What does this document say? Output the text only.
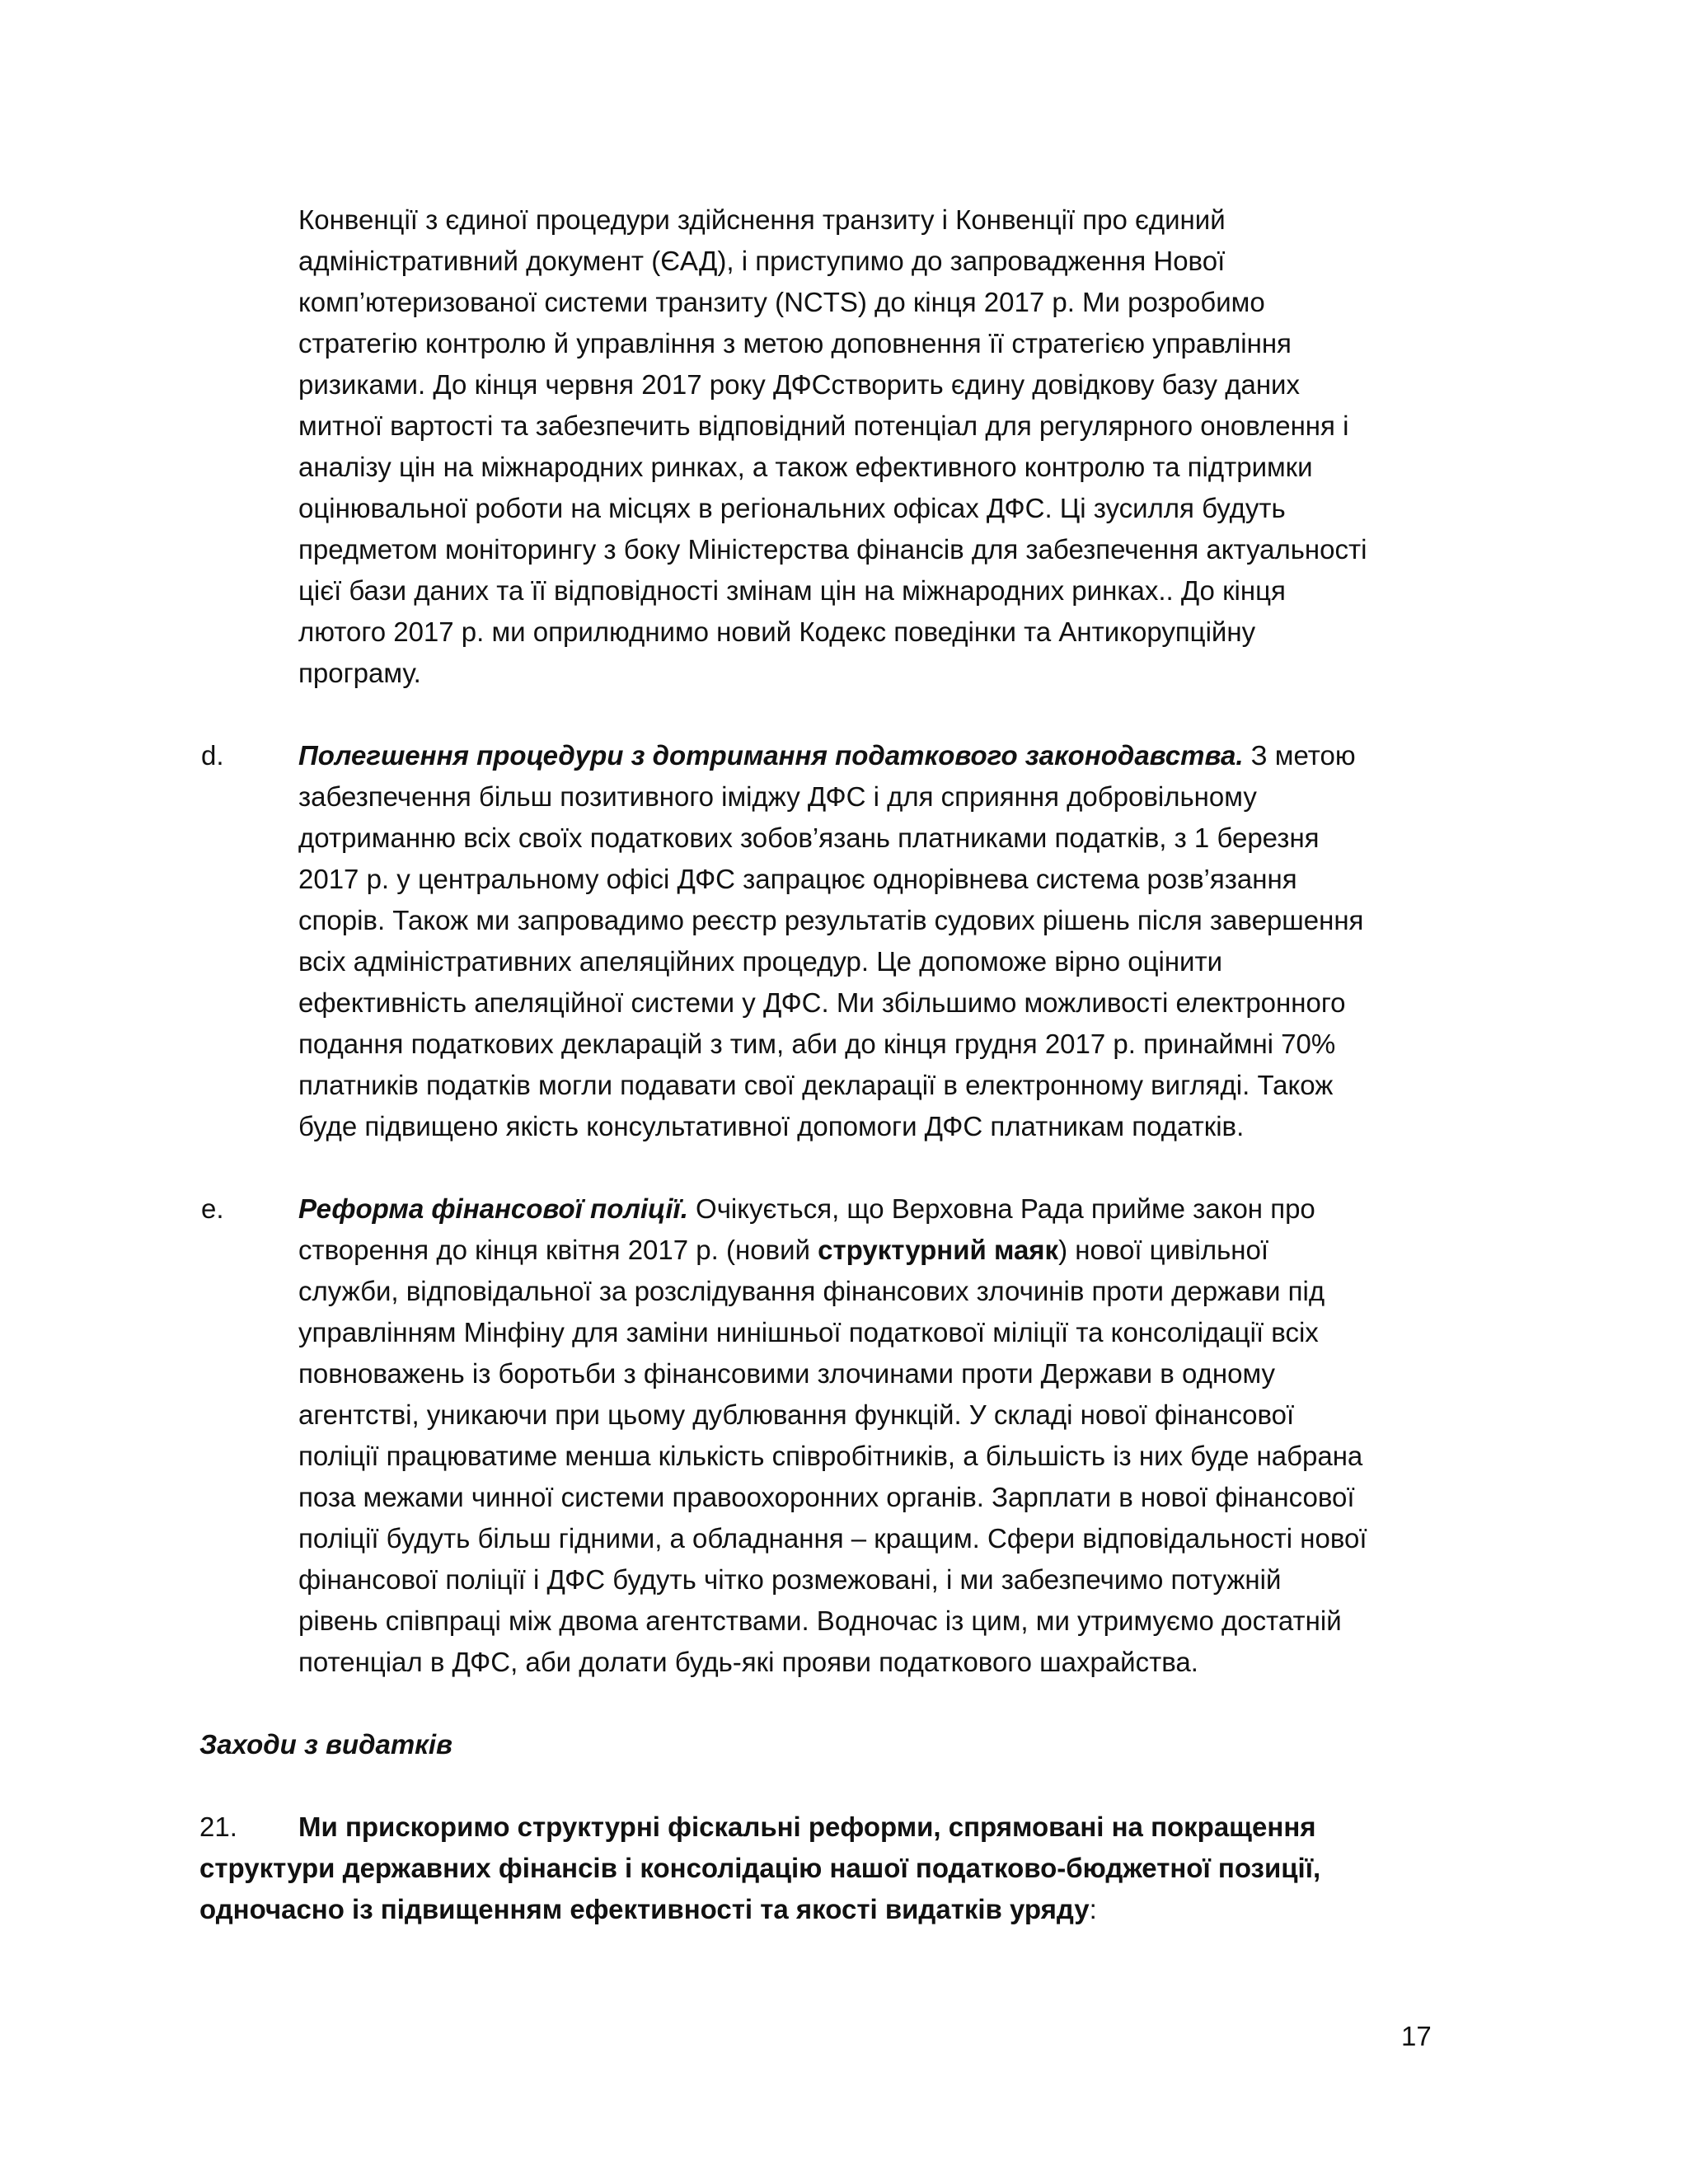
Конвенції з єдиної процедури здійснення транзиту і Конвенції про єдиний

адміністративний документ (ЄАД), і приступимо до запровадження Нової

комп’ютеризованої системи транзиту (NCTS) до кінця 2017 р. Ми розробимо

стратегію контролю й управління з метою доповнення її стратегією управління

ризиками. До кінця червня 2017 року ДФСстворить єдину довідкову базу даних

митної вартості та забезпечить відповідний потенціал для регулярного оновлення і

аналізу цін на міжнародних ринках, а також ефективного контролю та підтримки

оцінювальної роботи на місцях в регіональних офісах ДФС. Ці зусилля будуть

предметом моніторингу з боку Міністерства фінансів для забезпечення актуальності

цієї бази даних та її відповідності змінам цін на міжнародних ринках.. До кінця

лютого 2017 р. ми оприлюднимо новий Кодекс поведінки та Антикорупційну

програму.

d.	Полегшення процедури з дотримання податкового законодавства. З метою

забезпечення більш позитивного іміджу ДФС і для сприяння добровільному

дотриманню всіх своїх податкових зобов’язань платниками податків, з 1 березня

2017 р. у центральному офісі ДФС запрацює однорівнева система розв’язання

спорів. Також ми запровадимо реєстр результатів судових рішень після завершення

всіх адміністративних апеляційних процедур. Це допоможе вірно оцінити

ефективність апеляційної системи у ДФС. Ми збільшимо можливості електронного

подання податкових декларацій з тим, аби до кінця грудня 2017 р. принаймні 70%

платників податків могли подавати свої декларації в електронному вигляді. Також

буде підвищено якість консультативної допомоги ДФС платникам податків.

e.	Реформа фінансової поліції. Очікується, що Верховна Рада прийме закон про

створення до кінця квітня 2017 р. (новий структурний маяк) нової цивільної

служби, відповідальної за розслідування фінансових злочинів проти держави під

управлінням Мінфіну для заміни нинішньої податкової міліції та консолідації всіх

повноважень із боротьби з фінансовими злочинами проти Держави в одному

агентстві, уникаючи при цьому дублювання функцій. У складі нової фінансової

поліції працюватиме менша кількість співробітників, а більшість із них буде набрана

поза межами чинної системи правоохоронних органів. Зарплати в нової фінансової

поліції будуть більш гідними, а обладнання – кращим. Сфери відповідальності нової

фінансової поліції і ДФС будуть чітко розмежовані, і ми забезпечимо потужній

рівень співпраці між двома агентствами. Водночас із цим, ми утримуємо достатній

потенціал в ДФС, аби долати будь-які прояви податкового шахрайства.

Заходи з видатків

21. Ми прискоримо структурні фіскальні реформи, спрямовані на покращення

структури державних фінансів і консолідацію нашої податково-бюджетної позиції,

одночасно із підвищенням ефективності та якості видатків уряду:

17
